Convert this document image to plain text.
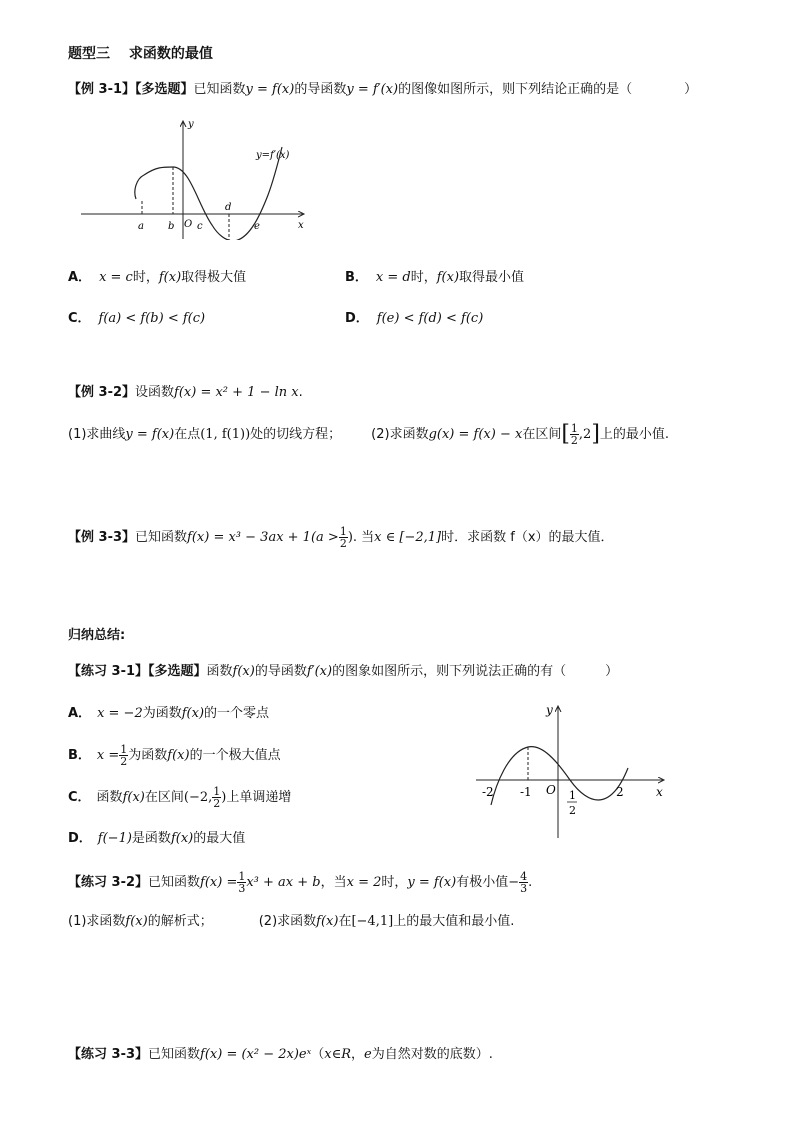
题型三　 求函数的最值
【例 3-1】【多选题】已知函数y = f(x)的导函数y = f′(x)的图像如图所示，则下列结论正确的是（　　　　）
y
x
y=f′(x)
a b O c
d
e
A． x = c时，f(x)取得极大值	B． x = d时，f(x)取得最小值
C． f(a) < f(b) < f(c)	D． f(e) < f(d) < f(c)
【例 3-2】设函数f(x) = x² + 1 − ln x.
(1)求曲线y = f(x)在点(1, f(1))处的切线方程； (2)求函数g(x) = f(x) − x在区间[ $\frac{1}{2} ,2$]上的最小值.
【例 3-3】已知函数$f(x) = x^3 - 3ax + 1(a > \frac{1}{2}$ ). 当x ∈ [−2,1]时．求函数 f（x）的最大值．
归纳总结:
【练习 3-1】【多选题】函数f(x)的导函数f′(x)的图象如图所示，则下列说法正确的有（　　　）
A． x = −2为函数f(x)的一个零点
B． $x = \frac{1}{2}$ 为函数f(x)的一个极大值点
C． 函数f(x)在区间(−2, $\frac{1}{2}$ )上单调递增
D． f(−1)是函数f(x)的最大值
y
x
O
-2 -1	1
2
2
【练习 3-2】已知函数$f(x) = \frac{1}{3} x^3$ + ax + b，当x = 2时，y = f(x)有极小值− $\frac{4}{3}$ .
(1)求函数f(x)的解析式；	(2)求函数f(x)在[−4,1]上的最大值和最小值.
【练习 3-3】已知函数f(x) = (x² − 2x)eˣ（x∈R，e为自然对数的底数）.
